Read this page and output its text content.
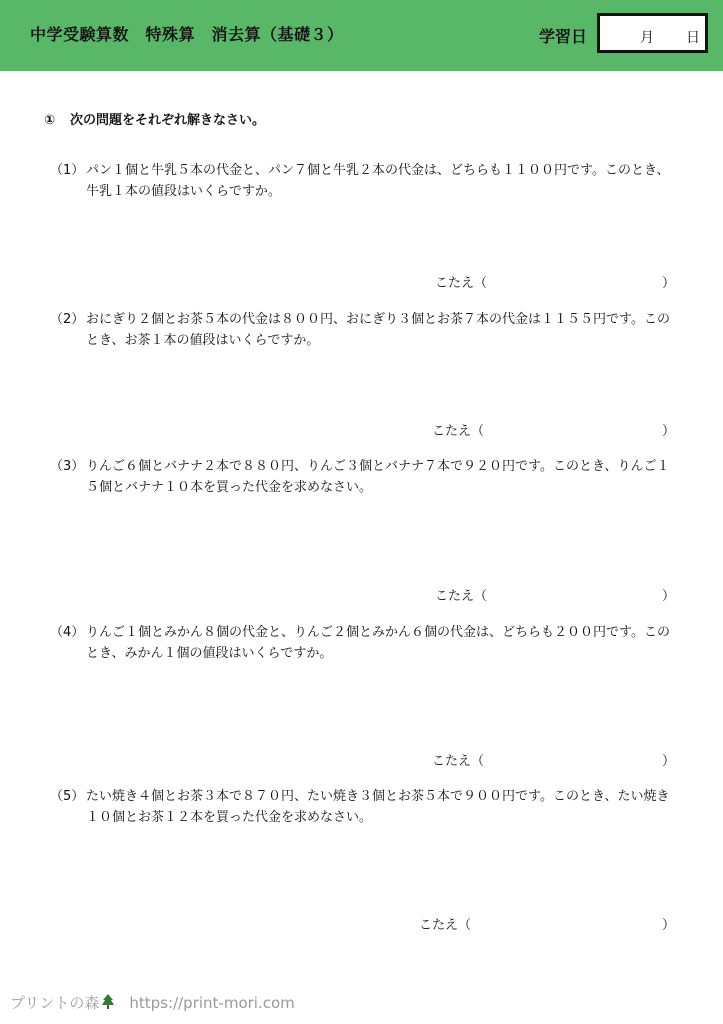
中学受験算数　特殊算　消去算（基礎３）	学習日	月 日
① 次の問題をそれぞれ解きなさい。
（1） パン１個と牛乳５本の代金と、パン７個と牛乳２本の代金は、どちらも１１００円です。このとき、牛乳１本の値段はいくらですか。
こたえ（	）
（2） おにぎり２個とお茶５本の代金は８００円、おにぎり３個とお茶７本の代金は１１５５円です。このとき、お茶１本の値段はいくらですか。
こたえ（	）
（3） りんご６個とバナナ２本で８８０円、りんご３個とバナナ７本で９２０円です。このとき、りんご１５個とバナナ１０本を買った代金を求めなさい。
こたえ（	）
（4） りんご１個とみかん８個の代金と、りんご２個とみかん６個の代金は、どちらも２００円です。このとき、みかん１個の値段はいくらですか。
こたえ（	）
（5） たい焼き４個とお茶３本で８７０円、たい焼き３個とお茶５本で９００円です。このとき、たい焼き１０個とお茶１２本を買った代金を求めなさい。
こたえ（	）
プリントの森 https://print-mori.com
